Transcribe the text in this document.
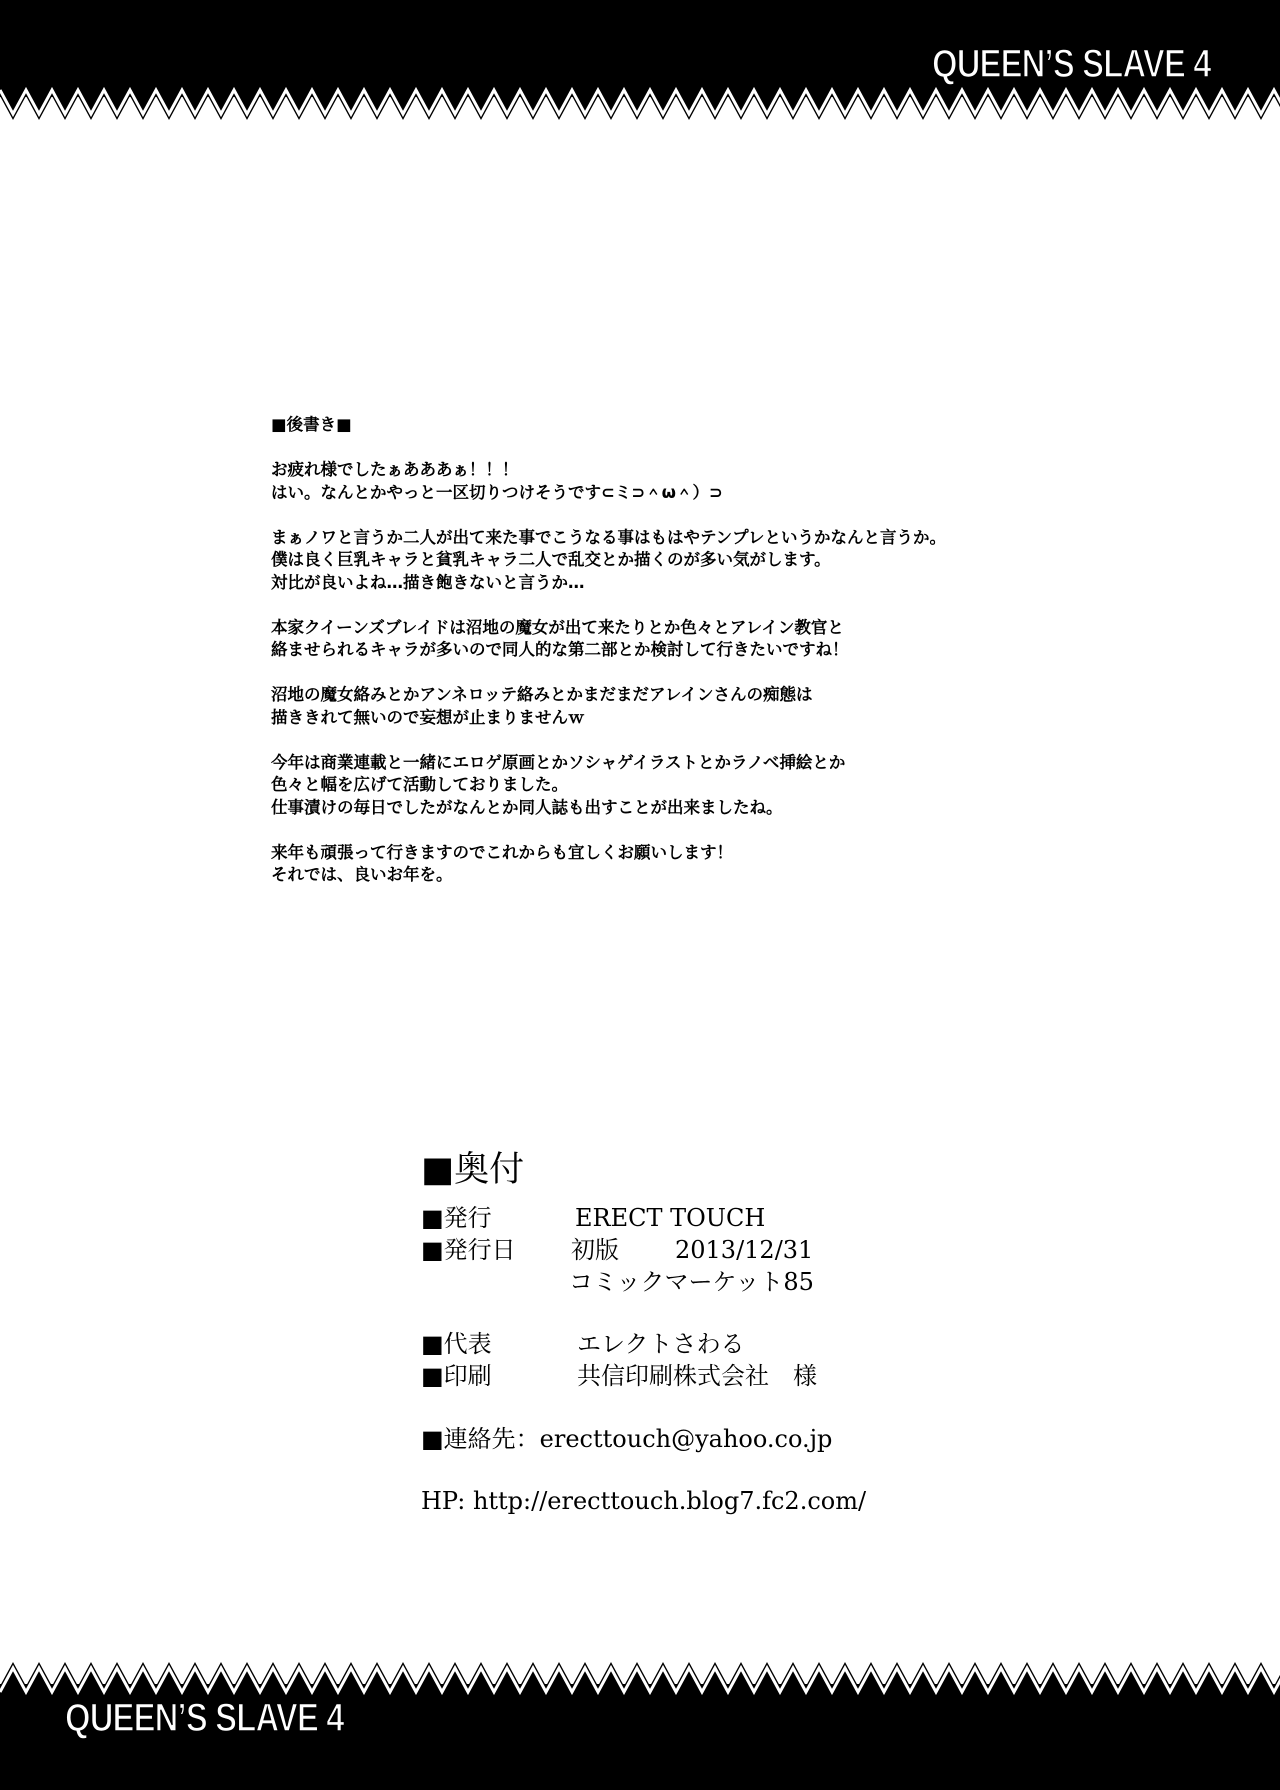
QUEEN’S SLAVE 4
■後書き■
お疲れ様でしたぁあああぁ！！！
はい。なんとかやっと一区切りつけそうです⊂ミ⊃＾ω＾）⊃
まぁノワと言うか二人が出て来た事でこうなる事はもはやテンプレというかなんと言うか。
僕は良く巨乳キャラと貧乳キャラ二人で乱交とか描くのが多い気がします。
対比が良いよね…描き飽きないと言うか…
本家クイーンズブレイドは沼地の魔女が出て来たりとか色々とアレイン教官と
絡ませられるキャラが多いので同人的な第二部とか検討して行きたいですね！
沼地の魔女絡みとかアンネロッテ絡みとかまだまだアレインさんの痴態は
描ききれて無いので妄想が止まりませんｗ
今年は商業連載と一緒にエロゲ原画とかソシャゲイラストとかラノベ挿絵とか
色々と幅を広げて活動しておりました。
仕事漬けの毎日でしたがなんとか同人誌も出すことが出来ましたね。
来年も頑張って行きますのでこれからも宜しくお願いします！
それでは、良いお年を。
■奥付
■発行	ERECT TOUCH
■発行日 初版 2013/12/31
コミックマーケット85
■代表	エレクトさわる
■印刷	共信印刷株式会社　様
■連絡先：erecttouch@yahoo.co.jp
HP: http://erecttouch.blog7.fc2.com/
QUEEN’S SLAVE 4
